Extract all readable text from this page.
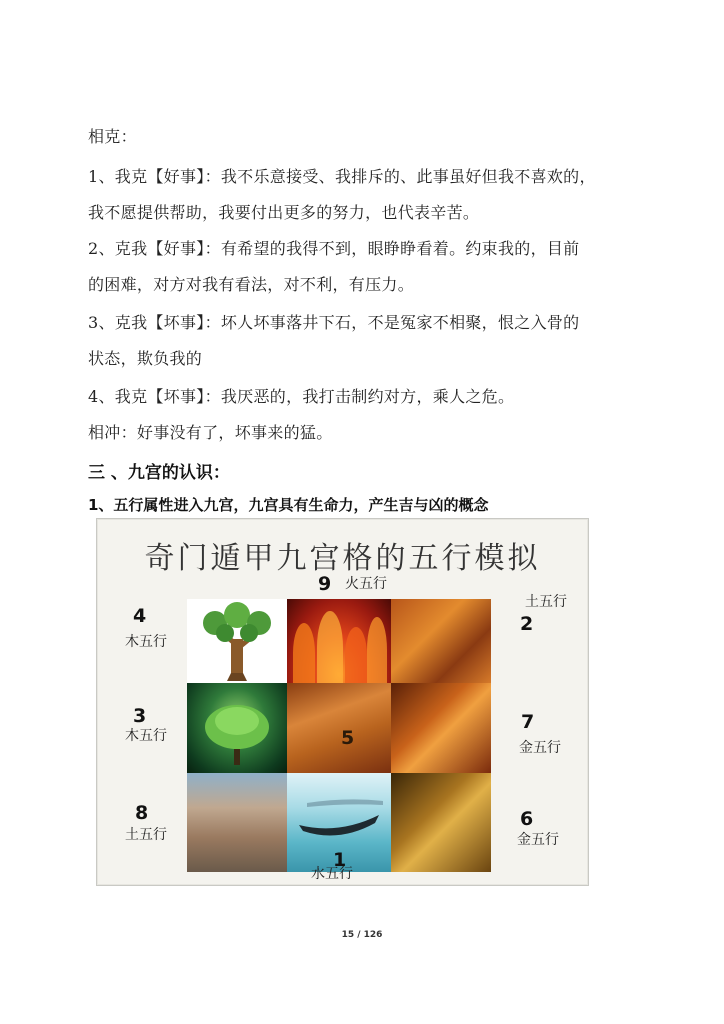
相克：
1、我克【好事】：我不乐意接受、我排斥的、此事虽好但我不喜欢的，
我不愿提供帮助，我要付出更多的努力，也代表辛苦。
2、克我【好事】：有希望的我得不到，眼睁睁看着。约束我的，目前
的困难，对方对我有看法，对不利，有压力。
3、克我【坏事】：坏人坏事落井下石，不是冤家不相聚，恨之入骨的
状态，欺负我的
4、我克【坏事】：我厌恶的，我打击制约对方，乘人之危。
相冲：好事没有了，坏事来的猛。
三 、九宫的认识：
1、五行属性进入九宫，九宫具有生命力，产生吉与凶的概念
奇门遁甲九宫格的五行模拟
9 火五行
4
木五行
土五行
2
3
木五行
7
金五行
8
土五行
6
金五行
5
1
水五行
15 / 126
